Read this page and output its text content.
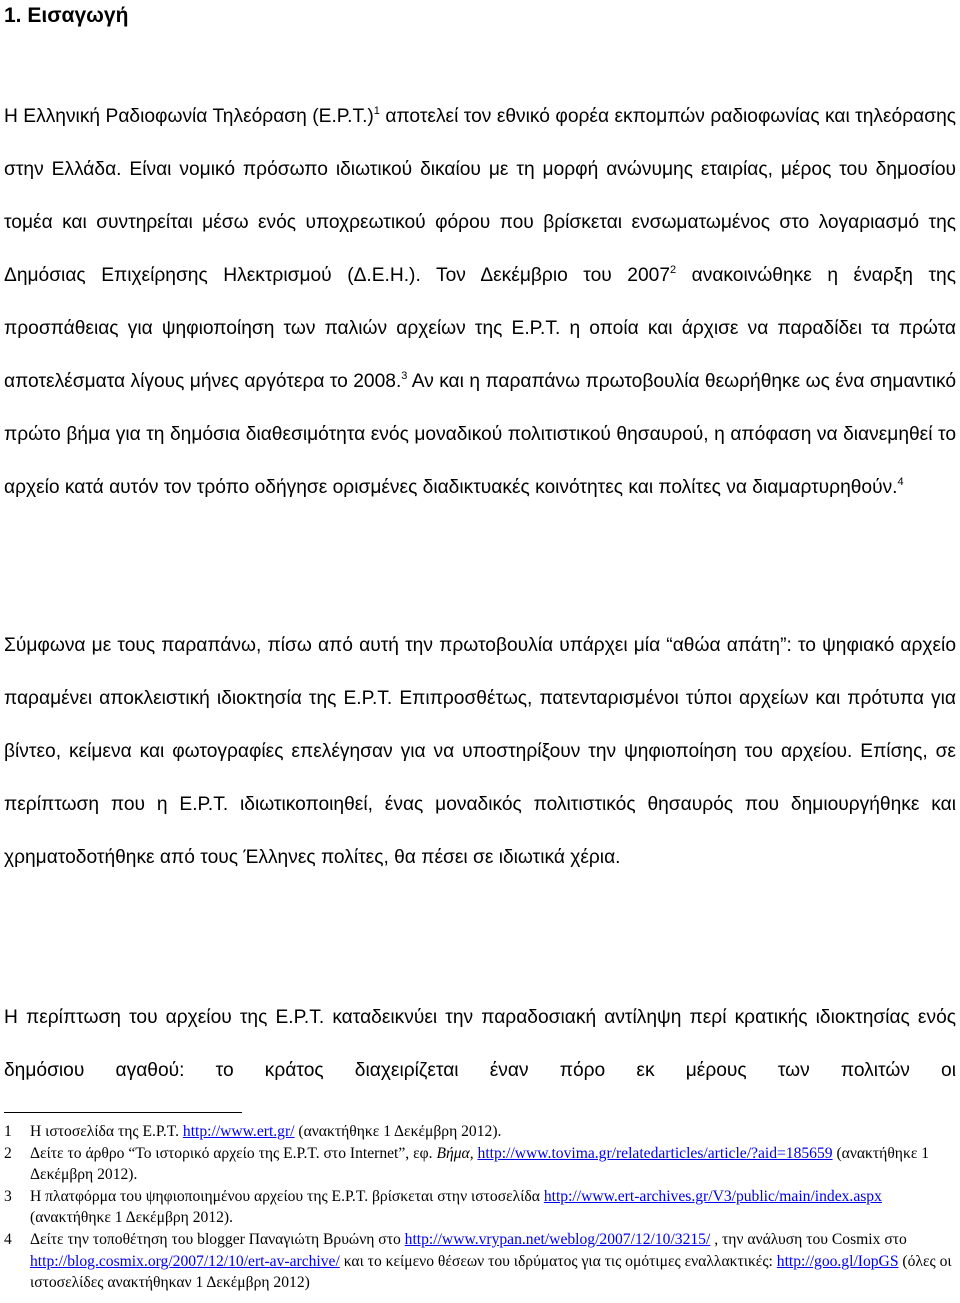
1. Εισαγωγή

Η Ελληνική Ραδιοφωνία Τηλεόραση $(E.P.T.)^1$ αποτελεί τον εθνικό φορέα εκπομπών ραδιοφωνίας και τηλεόρασης στην Ελλάδα. Είναι νομικό πρόσωπο ιδιωτικού δικαίου με τη μορφή ανώνυμης εταιρίας, μέρος του δημοσίου τομέα και συντηρείται μέσω ενός υποχρεωτικού φόρου που βρίσκεται ενσωματωμένος στο λογαριασμό της Δημόσιας Επιχείρησης Ηλεκτρισμού (Δ.Ε.Η.). Τον Δεκέμβριο του 2007$^2$ ανακοινώθηκε η έναρξη της προσπάθειας για ψηφιοποίηση των παλιών αρχείων της Ε.Ρ.Τ. η οποία και άρχισε να παραδίδει τα πρώτα αποτελέσματα λίγους μήνες αργότερα το 2008.$^3$ Αν και η παραπάνω πρωτοβουλία θεωρήθηκε ως ένα σημαντικό πρώτο βήμα για τη δημόσια διαθεσιμότητα ενός μοναδικού πολιτιστικού θησαυρού, η απόφαση να διανεμηθεί το αρχείο κατά αυτόν τον τρόπο οδήγησε ορισμένες διαδικτυακές κοινότητες και πολίτες να διαμαρτυρηθούν.$^4$

Σύμφωνα με τους παραπάνω, πίσω από αυτή την πρωτοβουλία υπάρχει μία “αθώα απάτη”: το ψηφιακό αρχείο παραμένει αποκλειστική ιδιοκτησία της Ε.Ρ.Τ. Επιπροσθέτως, πατενταρισμένοι τύποι αρχείων και πρότυπα για βίντεο, κείμενα και φωτογραφίες επελέγησαν για να υποστηρίξουν την ψηφιοποίηση του αρχείου. Επίσης, σε περίπτωση που η Ε.Ρ.Τ. ιδιωτικοποιηθεί, ένας μοναδικός πολιτιστικός θησαυρός που δημιουργήθηκε και χρηματοδοτήθηκε από τους Έλληνες πολίτες, θα πέσει σε ιδιωτικά χέρια.

Η περίπτωση του αρχείου της Ε.Ρ.Τ. καταδεικνύει την παραδοσιακή αντίληψη περί κρατικής ιδιοκτησίας ενός δημόσιου αγαθού: το κράτος διαχειρίζεται έναν πόρο εκ μέρους των πολιτών οι

1	Η ιστοσελίδα της Ε.Ρ.Τ. http://www.ert.gr/ (ανακτήθηκε 1 Δεκέμβρη 2012).
2	Δείτε το άρθρο “Το ιστορικό αρχείο της Ε.Ρ.Τ. στο Internet”, εφ. Βήμα, http://www.tovima.gr/relatedarticles/article/?aid=185659 (ανακτήθηκε 1 Δεκέμβρη 2012).
3	Η πλατφόρμα του ψηφιοποιημένου αρχείου της Ε.Ρ.Τ. βρίσκεται στην ιστοσελίδα http://www.ert-archives.gr/V3/public/main/index.aspx (ανακτήθηκε 1 Δεκέμβρη 2012).
4	Δείτε την τοποθέτηση του blogger Παναγιώτη Βρυώνη στο http://www.vrypan.net/weblog/2007/12/10/3215/ , την ανάλυση του Cosmix στο http://blog.cosmix.org/2007/12/10/ert-av-archive/ και το κείμενο θέσεων του ιδρύματος για τις ομότιμες εναλλακτικές: http://goo.gl/IopGS (όλες οι ιστοσελίδες ανακτήθηκαν 1 Δεκέμβρη 2012)
